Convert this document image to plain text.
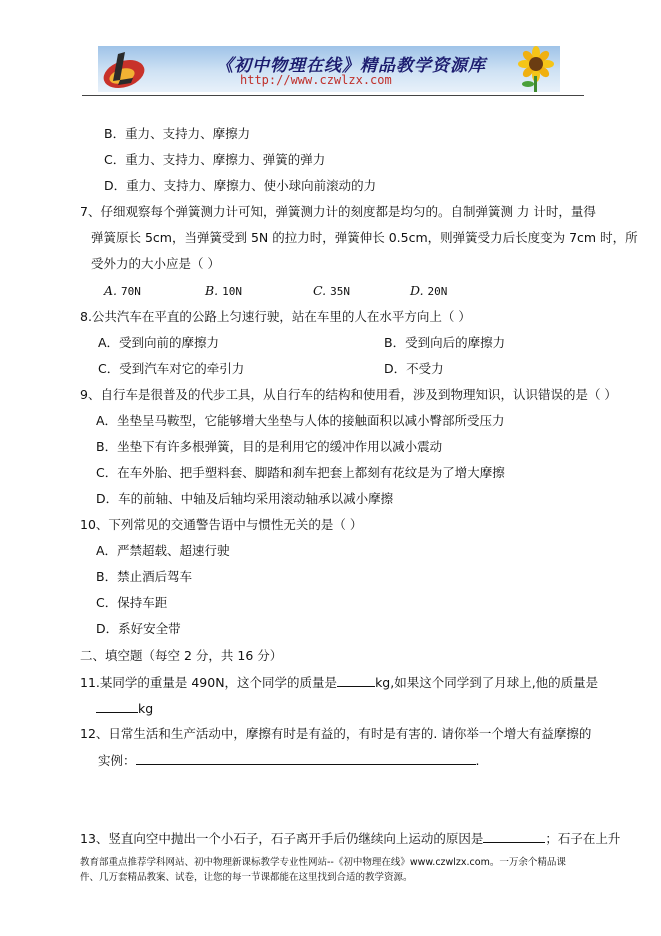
《初中物理在线》精品教学资源库
http://www.czwlzx.com
B．重力、支持力、摩擦力
C．重力、支持力、摩擦力、弹簧的弹力
D．重力、支持力、摩擦力、使小球向前滚动的力
7、仔细观察每个弹簧测力计可知，弹簧测力计的刻度都是均匀的。自制弹簧测 力 计时，量得
弹簧原长 5cm，当弹簧受到 5N 的拉力时，弹簧伸长 0.5cm，则弹簧受力后长度变为 7cm 时，所
受外力的大小应是（ ）
A. 70N	B. 10N	C. 35N	D. 20N
8.公共汽车在平直的公路上匀速行驶，站在车里的人在水平方向上（ ）
A．受到向前的摩擦力	B．受到向后的摩擦力
C．受到汽车对它的牵引力	D．不受力
9、自行车是很普及的代步工具，从自行车的结构和使用看，涉及到物理知识，认识错误的是（ ）
A．坐垫呈马鞍型，它能够增大坐垫与人体的接触面积以减小臀部所受压力
B．坐垫下有许多根弹簧，目的是利用它的缓冲作用以减小震动
C．在车外胎、把手塑料套、脚踏和刹车把套上都刻有花纹是为了增大摩擦
D．车的前轴、中轴及后轴均采用滚动轴承以减小摩擦
10、下列常见的交通警告语中与惯性无关的是（ ）
A．严禁超载、超速行驶
B．禁止酒后驾车
C．保持车距
D．系好安全带
二、填空题（每空 2 分，共 16 分）
11.某同学的重量是 490N，这个同学的质量是	kg,如果这个同学到了月球上,他的质量是
kg
12、日常生活和生产活动中，摩擦有时是有益的，有时是有害的. 请你举一个增大有益摩擦的
实例：	.
13、竖直向空中抛出一个小石子，石子离开手后仍继续向上运动的原因是	；石子在上升
教育部重点推荐学科网站、初中物理新课标教学专业性网站--《初中物理在线》www.czwlzx.com。一万余个精品课
件、几万套精品教案、试卷，让您的每一节课都能在这里找到合适的教学资源。
